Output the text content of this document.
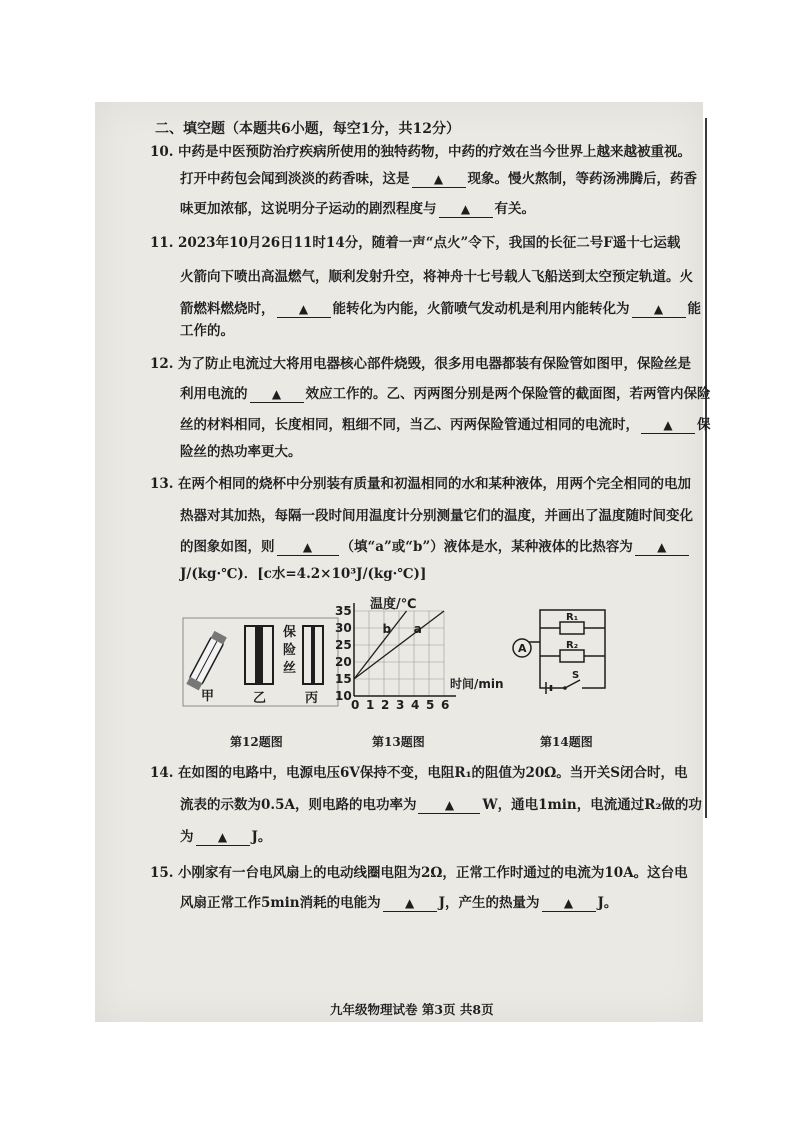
二、填空题（本题共6小题，每空1分，共12分）
10. 中药是中医预防治疗疾病所使用的独特药物，中药的疗效在当今世界上越来越被重视。
打开中药包会闻到淡淡的药香味，这是 ▲ 现象。慢火熬制，等药汤沸腾后，药香
味更加浓郁，这说明分子运动的剧烈程度与 ▲ 有关。
11. 2023年10月26日11时14分，随着一声“点火”令下，我国的长征二号F遥十七运载
火箭向下喷出高温燃气，顺利发射升空，将神舟十七号载人飞船送到太空预定轨道。火
箭燃料燃烧时， ▲ 能转化为内能，火箭喷气发动机是利用内能转化为 ▲ 能
工作的。
12. 为了防止电流过大将用电器核心部件烧毁，很多用电器都装有保险管如图甲，保险丝是
利用电流的 ▲ 效应工作的。乙、丙两图分别是两个保险管的截面图，若两管内保险
丝的材料相同，长度相同，粗细不同，当乙、丙两保险管通过相同的电流时， ▲ 保
险丝的热功率更大。
13. 在两个相同的烧杯中分别装有质量和初温相同的水和某种液体，用两个完全相同的电加
热器对其加热，每隔一段时间用温度计分别测量它们的温度，并画出了温度随时间变化
的图象如图，则 ▲ （填“a”或“b”）液体是水，某种液体的比热容为 ▲
J/(kg·℃)．[c水=4.2×10³J/(kg·℃)]
保
险
丝
甲	乙	丙
第12题图
0 1 2 3 4 5 6
10
15
20
25
30
35
b a
温度/℃
时间/min
第13题图
R₁
R₂
A
S
第14题图
14. 在如图的电路中，电源电压6V保持不变，电阻R₁的阻值为20Ω。当开关S闭合时，电
流表的示数为0.5A，则电路的电功率为 ▲ W，通电1min，电流通过R₂做的功
为 ▲ J。
15. 小刚家有一台电风扇上的电动线圈电阻为2Ω，正常工作时通过的电流为10A。这台电
风扇正常工作5min消耗的电能为 ▲ J，产生的热量为 ▲ J。
九年级物理试卷 第3页 共8页
